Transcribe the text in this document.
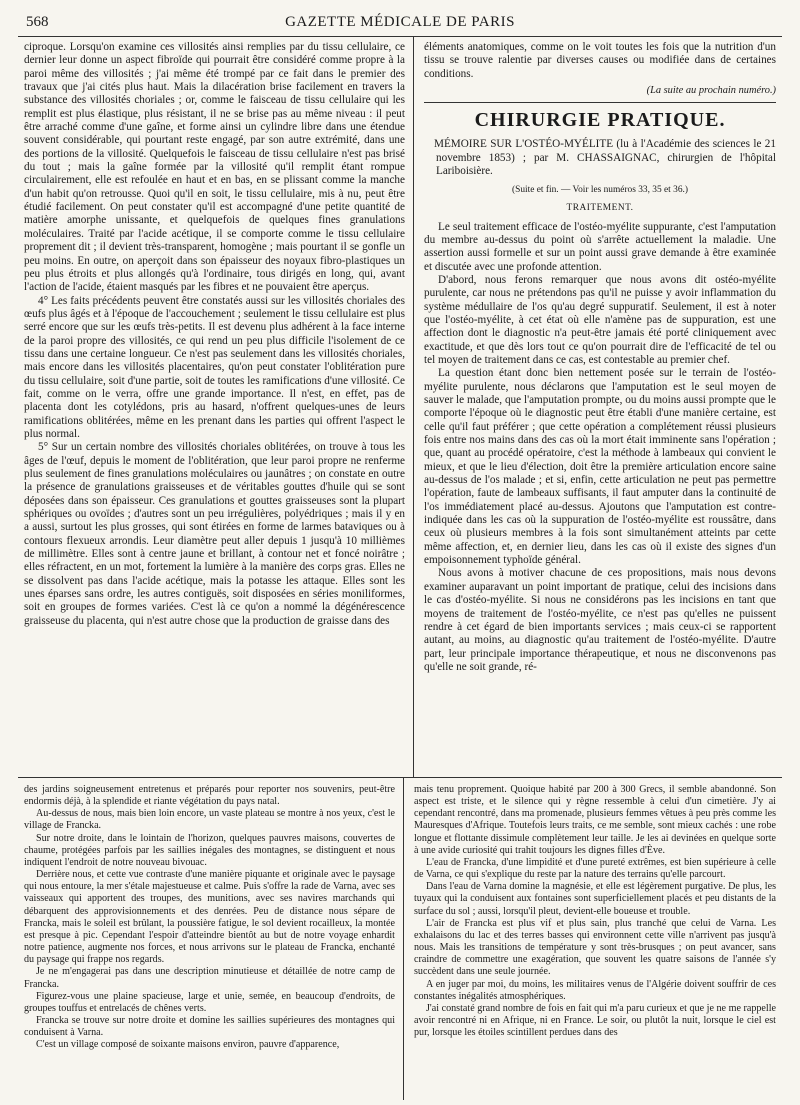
568	GAZETTE MÉDICALE DE PARIS

ciproque. Lorsqu'on examine ces villosités ainsi remplies par du tissu cellulaire, ce dernier leur donne un aspect fibroïde qui pourrait être considéré comme propre à la paroi même des villosités ; j'ai même été trompé par ce fait dans le premier des travaux que j'ai cités plus haut. Mais la dilacération brise facilement en travers la substance des villosités choriales ; or, comme le faisceau de tissu cellulaire qui les remplit est plus élastique, plus résistant, il ne se brise pas au même niveau : il peut être arraché comme d'une gaîne, et forme ainsi un cylindre libre dans une étendue souvent considérable, qui pourtant reste engagé, par son autre extrémité, dans une des portions de la villosité. Quelquefois le faisceau de tissu cellulaire n'est pas brisé du tout ; mais la gaîne formée par la villosité qu'il remplit étant rompue circulairement, elle est refoulée en haut et en bas, en se plissant comme la manche d'un habit qu'on retrousse. Quoi qu'il en soit, le tissu cellulaire, mis à nu, peut être étudié facilement. On peut constater qu'il est accompagné d'une petite quantité de matière amorphe unissante, et quelquefois de quelques fines granulations moléculaires. Traité par l'acide acétique, il se comporte comme le tissu cellulaire proprement dit ; il devient très-transparent, homogène ; mais pourtant il se gonfle un peu moins. En outre, on aperçoit dans son épaisseur des noyaux fibro-plastiques un peu plus étroits et plus allongés qu'à l'ordinaire, tous dirigés en long, qui, avant l'action de l'acide, étaient masqués par les fibres et ne pouvaient être aperçus.

4° Les faits précédents peuvent être constatés aussi sur les villosités choriales des œufs plus âgés et à l'époque de l'accouchement ; seulement le tissu cellulaire est plus serré encore que sur les œufs très-petits. Il est devenu plus adhérent à la face interne de la paroi propre des villosités, ce qui rend un peu plus difficile l'isolement de ce tissu dans une certaine longueur. Ce n'est pas seulement dans les villosités choriales, mais encore dans les villosités placentaires, qu'on peut constater l'oblitération pure du tissu cellulaire, soit d'une partie, soit de toutes les ramifications d'une villosité. Ce fait, comme on le verra, offre une grande importance. Il n'est, en effet, pas de placenta dont les cotylédons, pris au hasard, n'offrent quelques-unes de leurs ramifications oblitérées, même en les prenant dans les parties qui offrent l'aspect le plus normal.

5° Sur un certain nombre des villosités choriales oblitérées, on trouve à tous les âges de l'œuf, depuis le moment de l'oblitération, que leur paroi propre ne renferme plus seulement de fines granulations moléculaires ou jaunâtres ; on constate en outre la présence de granulations graisseuses et de véritables gouttes d'huile qui se sont déposées dans son épaisseur. Ces granulations et gouttes graisseuses sont la plupart sphériques ou ovoïdes ; d'autres sont un peu irrégulières, polyédriques ; mais il y en a aussi, surtout les plus grosses, qui sont étirées en forme de larmes bataviques ou à contours flexueux arrondis. Leur diamètre peut aller depuis 1 jusqu'à 10 millièmes de millimètre. Elles sont à centre jaune et brillant, à contour net et foncé noirâtre ; elles réfractent, en un mot, fortement la lumière à la manière des corps gras. Elles ne se dissolvent pas dans l'acide acétique, mais la potasse les attaque. Elles sont les unes éparses sans ordre, les autres contiguës, soit disposées en séries moniliformes, soit en groupes de formes variées. C'est là ce qu'on a nommé la dégénérescence graisseuse du placenta, qui n'est autre chose que la production de graisse dans des

éléments anatomiques, comme on le voit toutes les fois que la nutrition d'un tissu se trouve ralentie par diverses causes ou modifiée dans de certaines conditions.

(La suite au prochain numéro.)
CHIRURGIE PRATIQUE.
MÉMOIRE SUR L'OSTÉO-MYÉLITE (lu à l'Académie des sciences le 21 novembre 1853) ; par M. CHASSAIGNAC, chirurgien de l'hôpital Lariboisière.
(Suite et fin. — Voir les numéros 33, 35 et 36.)
TRAITEMENT.

Le seul traitement efficace de l'ostéo-myélite suppurante, c'est l'amputation du membre au-dessus du point où s'arrête actuellement la maladie. Une assertion aussi formelle et sur un point aussi grave demande à être examinée et discutée avec une profonde attention.

D'abord, nous ferons remarquer que nous avons dit ostéo-myélite purulente, car nous ne prétendons pas qu'il ne puisse y avoir inflammation du système médullaire de l'os qu'au degré suppuratif. Seulement, il est à noter que l'ostéo-myélite, à cet état où elle n'amène pas de suppuration, est une affection dont le diagnostic n'a peut-être jamais été porté cliniquement avec exactitude, et que dès lors tout ce qu'on pourrait dire de l'efficacité de tel ou tel moyen de traitement dans ce cas, est contestable au premier chef.

La question étant donc bien nettement posée sur le terrain de l'ostéo-myélite purulente, nous déclarons que l'amputation est le seul moyen de sauver le malade, que l'amputation prompte, ou du moins aussi prompte que le comporte l'époque où le diagnostic peut être établi d'une manière certaine, est celle qu'il faut préférer ; que cette opération a complétement réussi plusieurs fois entre nos mains dans des cas où la mort était imminente sans l'opération ; que, quant au procédé opératoire, c'est la méthode à lambeaux qui convient le mieux, et que le lieu d'élection, doit être la première articulation encore saine au-dessus de l'os malade ; et si, enfin, cette articulation ne peut pas permettre l'opération, faute de lambeaux suffisants, il faut amputer dans la continuité de l'os immédiatement placé au-dessus. Ajoutons que l'amputation est contre-indiquée dans les cas où la suppuration de l'ostéo-myélite est roussâtre, dans ceux où plusieurs membres à la fois sont simultanément atteints par cette même affection, et, en dernier lieu, dans les cas où il existe des signes d'un empoisonnement typhoïde général.

Nous avons à motiver chacune de ces propositions, mais nous devons examiner auparavant un point important de pratique, celui des incisions dans le cas d'ostéo-myélite. Si nous ne considérons pas les incisions en tant que moyens de traitement de l'ostéo-myélite, ce n'est pas qu'elles ne puissent rendre à cet égard de bien importants services ; mais ceux-ci se rapportent autant, au moins, au diagnostic qu'au traitement de l'ostéo-myélite. D'autre part, leur principale importance thérapeutique, et nous ne disconvenons pas qu'elle ne soit grande, ré-

des jardins soigneusement entretenus et préparés pour reporter nos souvenirs, peut-être endormis déjà, à la splendide et riante végétation du pays natal.

Au-dessus de nous, mais bien loin encore, un vaste plateau se montre à nos yeux, c'est le village de Francka.

Sur notre droite, dans le lointain de l'horizon, quelques pauvres maisons, couvertes de chaume, protégées parfois par les saillies inégales des montagnes, se distinguent et nous indiquent l'endroit de notre nouveau bivouac.

Derrière nous, et cette vue contraste d'une manière piquante et originale avec le paysage qui nous entoure, la mer s'étale majestueuse et calme. Puis s'offre la rade de Varna, avec ses vaisseaux qui apportent des troupes, des munitions, avec ses navires marchands qui débarquent des approvisionnements et des denrées. Peu de distance nous sépare de Francka, mais le soleil est brûlant, la poussière fatigue, le sol devient rocailleux, la montée est presque à pic. Cependant l'espoir d'atteindre bientôt au but de notre voyage enhardit notre patience, augmente nos forces, et nous arrivons sur le plateau de Francka, enchanté du paysage qui frappe nos regards.

Je ne m'engagerai pas dans une description minutieuse et détaillée de notre camp de Francka.

Figurez-vous une plaine spacieuse, large et unie, semée, en beaucoup d'endroits, de groupes touffus et entrelacés de chênes verts.

Francka se trouve sur notre droite et domine les saillies supérieures des montagnes qui conduisent à Varna.

C'est un village composé de soixante maisons environ, pauvre d'apparence,

mais tenu proprement. Quoique habité par 200 à 300 Grecs, il semble abandonné. Son aspect est triste, et le silence qui y règne ressemble à celui d'un cimetière. J'y ai cependant rencontré, dans ma promenade, plusieurs femmes vêtues à peu près comme les Mauresques d'Afrique. Toutefois leurs traits, ce me semble, sont mieux cachés : une robe longue et flottante dissimule complètement leur taille. Je les ai devinées en quelque sorte à une avide curiosité qui trahit toujours les dignes filles d'Ève.

L'eau de Francka, d'une limpidité et d'une pureté extrêmes, est bien supérieure à celle de Varna, ce qui s'explique du reste par la nature des terrains qu'elle parcourt.

Dans l'eau de Varna domine la magnésie, et elle est légèrement purgative. De plus, les tuyaux qui la conduisent aux fontaines sont superficiellement placés et peu distants de la surface du sol ; aussi, lorsqu'il pleut, devient-elle boueuse et trouble.

L'air de Francka est plus vif et plus sain, plus tranché que celui de Varna. Les exhalaisons du lac et des terres basses qui environnent cette ville n'arrivent pas jusqu'à nous. Mais les transitions de température y sont très-brusques ; on peut avancer, sans craindre de commettre une exagération, que souvent les quatre saisons de l'année s'y succèdent dans une seule journée.

A en juger par moi, du moins, les militaires venus de l'Algérie doivent souffrir de ces constantes inégalités atmosphériques.

J'ai constaté grand nombre de fois en fait qui m'a paru curieux et que je ne me rappelle avoir rencontré ni en Afrique, ni en France. Le soir, ou plutôt la nuit, lorsque le ciel est pur, lorsque les étoiles scintillent perdues dans des
